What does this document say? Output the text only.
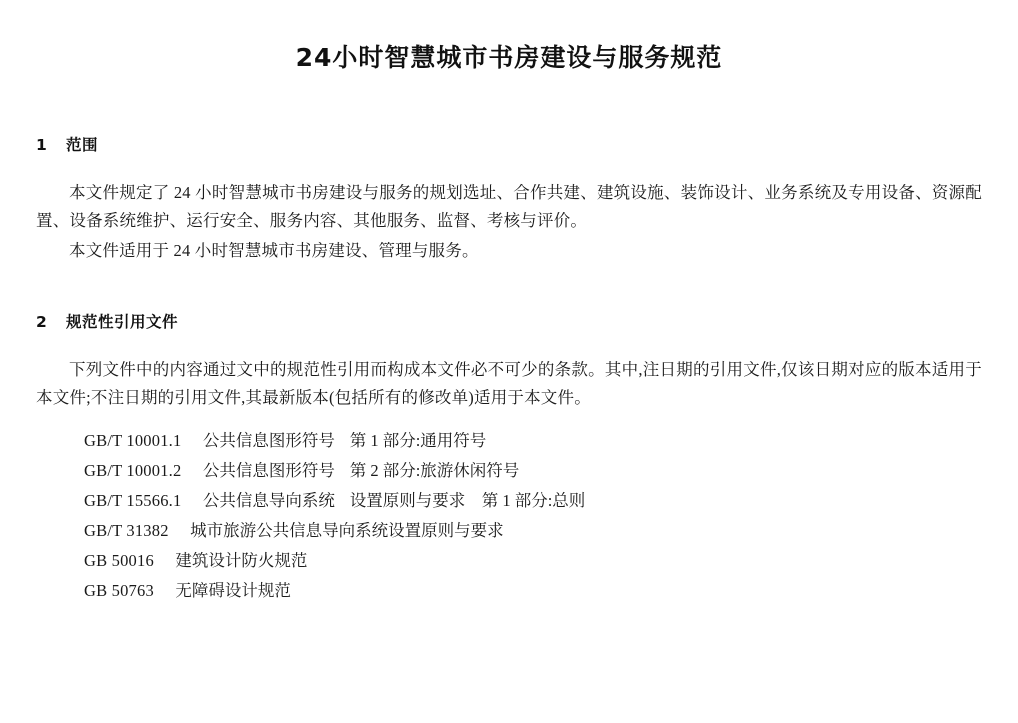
24小时智慧城市书房建设与服务规范
1 范围

本文件规定了 24 小时智慧城市书房建设与服务的规划选址、合作共建、建筑设施、装饰设计、业务系统及专用设备、资源配置、设备系统维护、运行安全、服务内容、其他服务、监督、考核与评价。

本文件适用于 24 小时智慧城市书房建设、管理与服务。

2 规范性引用文件

下列文件中的内容通过文中的规范性引用而构成本文件必不可少的条款。其中,注日期的引用文件,仅该日期对应的版本适用于本文件;不注日期的引用文件,其最新版本(包括所有的修改单)适用于本文件。

GB/T 10001.1 公共信息图形符号 第 1 部分:通用符号
GB/T 10001.2 公共信息图形符号 第 2 部分:旅游休闲符号
GB/T 15566.1 公共信息导向系统 设置原则与要求　第 1 部分:总则
GB/T 31382 城市旅游公共信息导向系统设置原则与要求
GB 50016 建筑设计防火规范
GB 50763 无障碍设计规范
